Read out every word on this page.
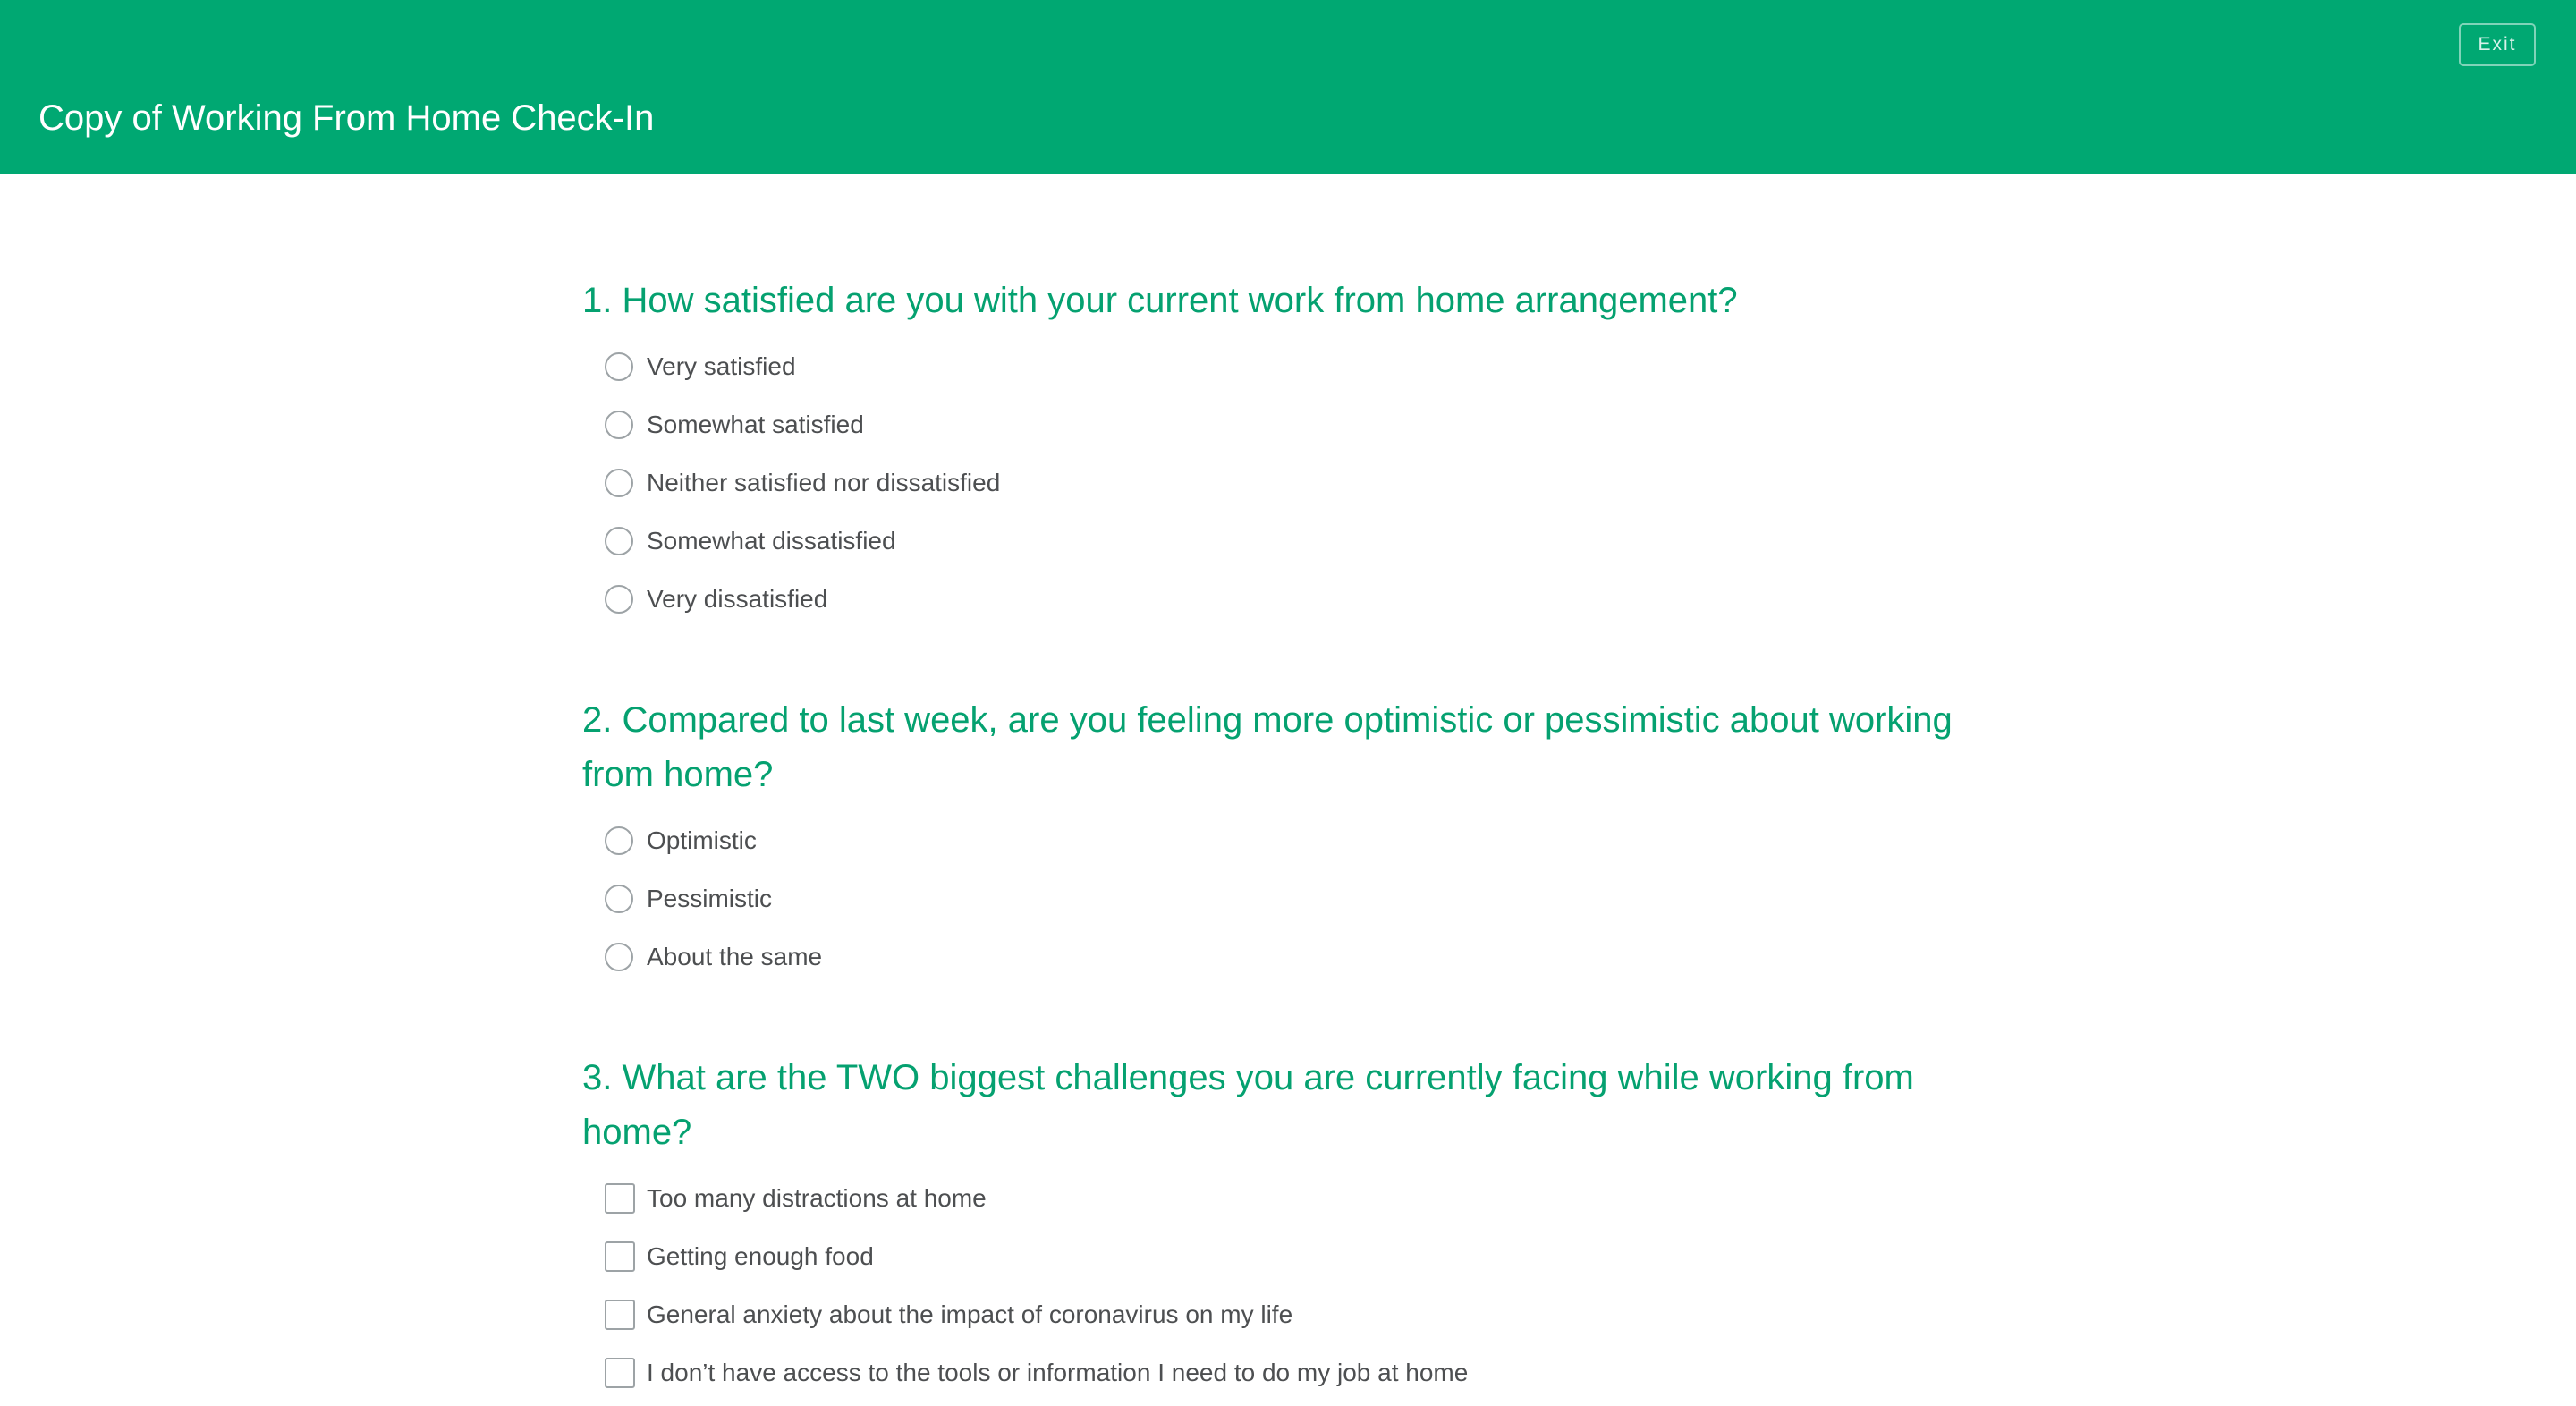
Copy of Working From Home Check-In
Exit
1. How satisfied are you with your current work from home arrangement?
Very satisfied
Somewhat satisfied
Neither satisfied nor dissatisfied
Somewhat dissatisfied
Very dissatisfied
2. Compared to last week, are you feeling more optimistic or pessimistic about working from home?
Optimistic
Pessimistic
About the same
3. What are the TWO biggest challenges you are currently facing while working from home?
Too many distractions at home
Getting enough food
General anxiety about the impact of coronavirus on my life
I don’t have access to the tools or information I need to do my job at home
